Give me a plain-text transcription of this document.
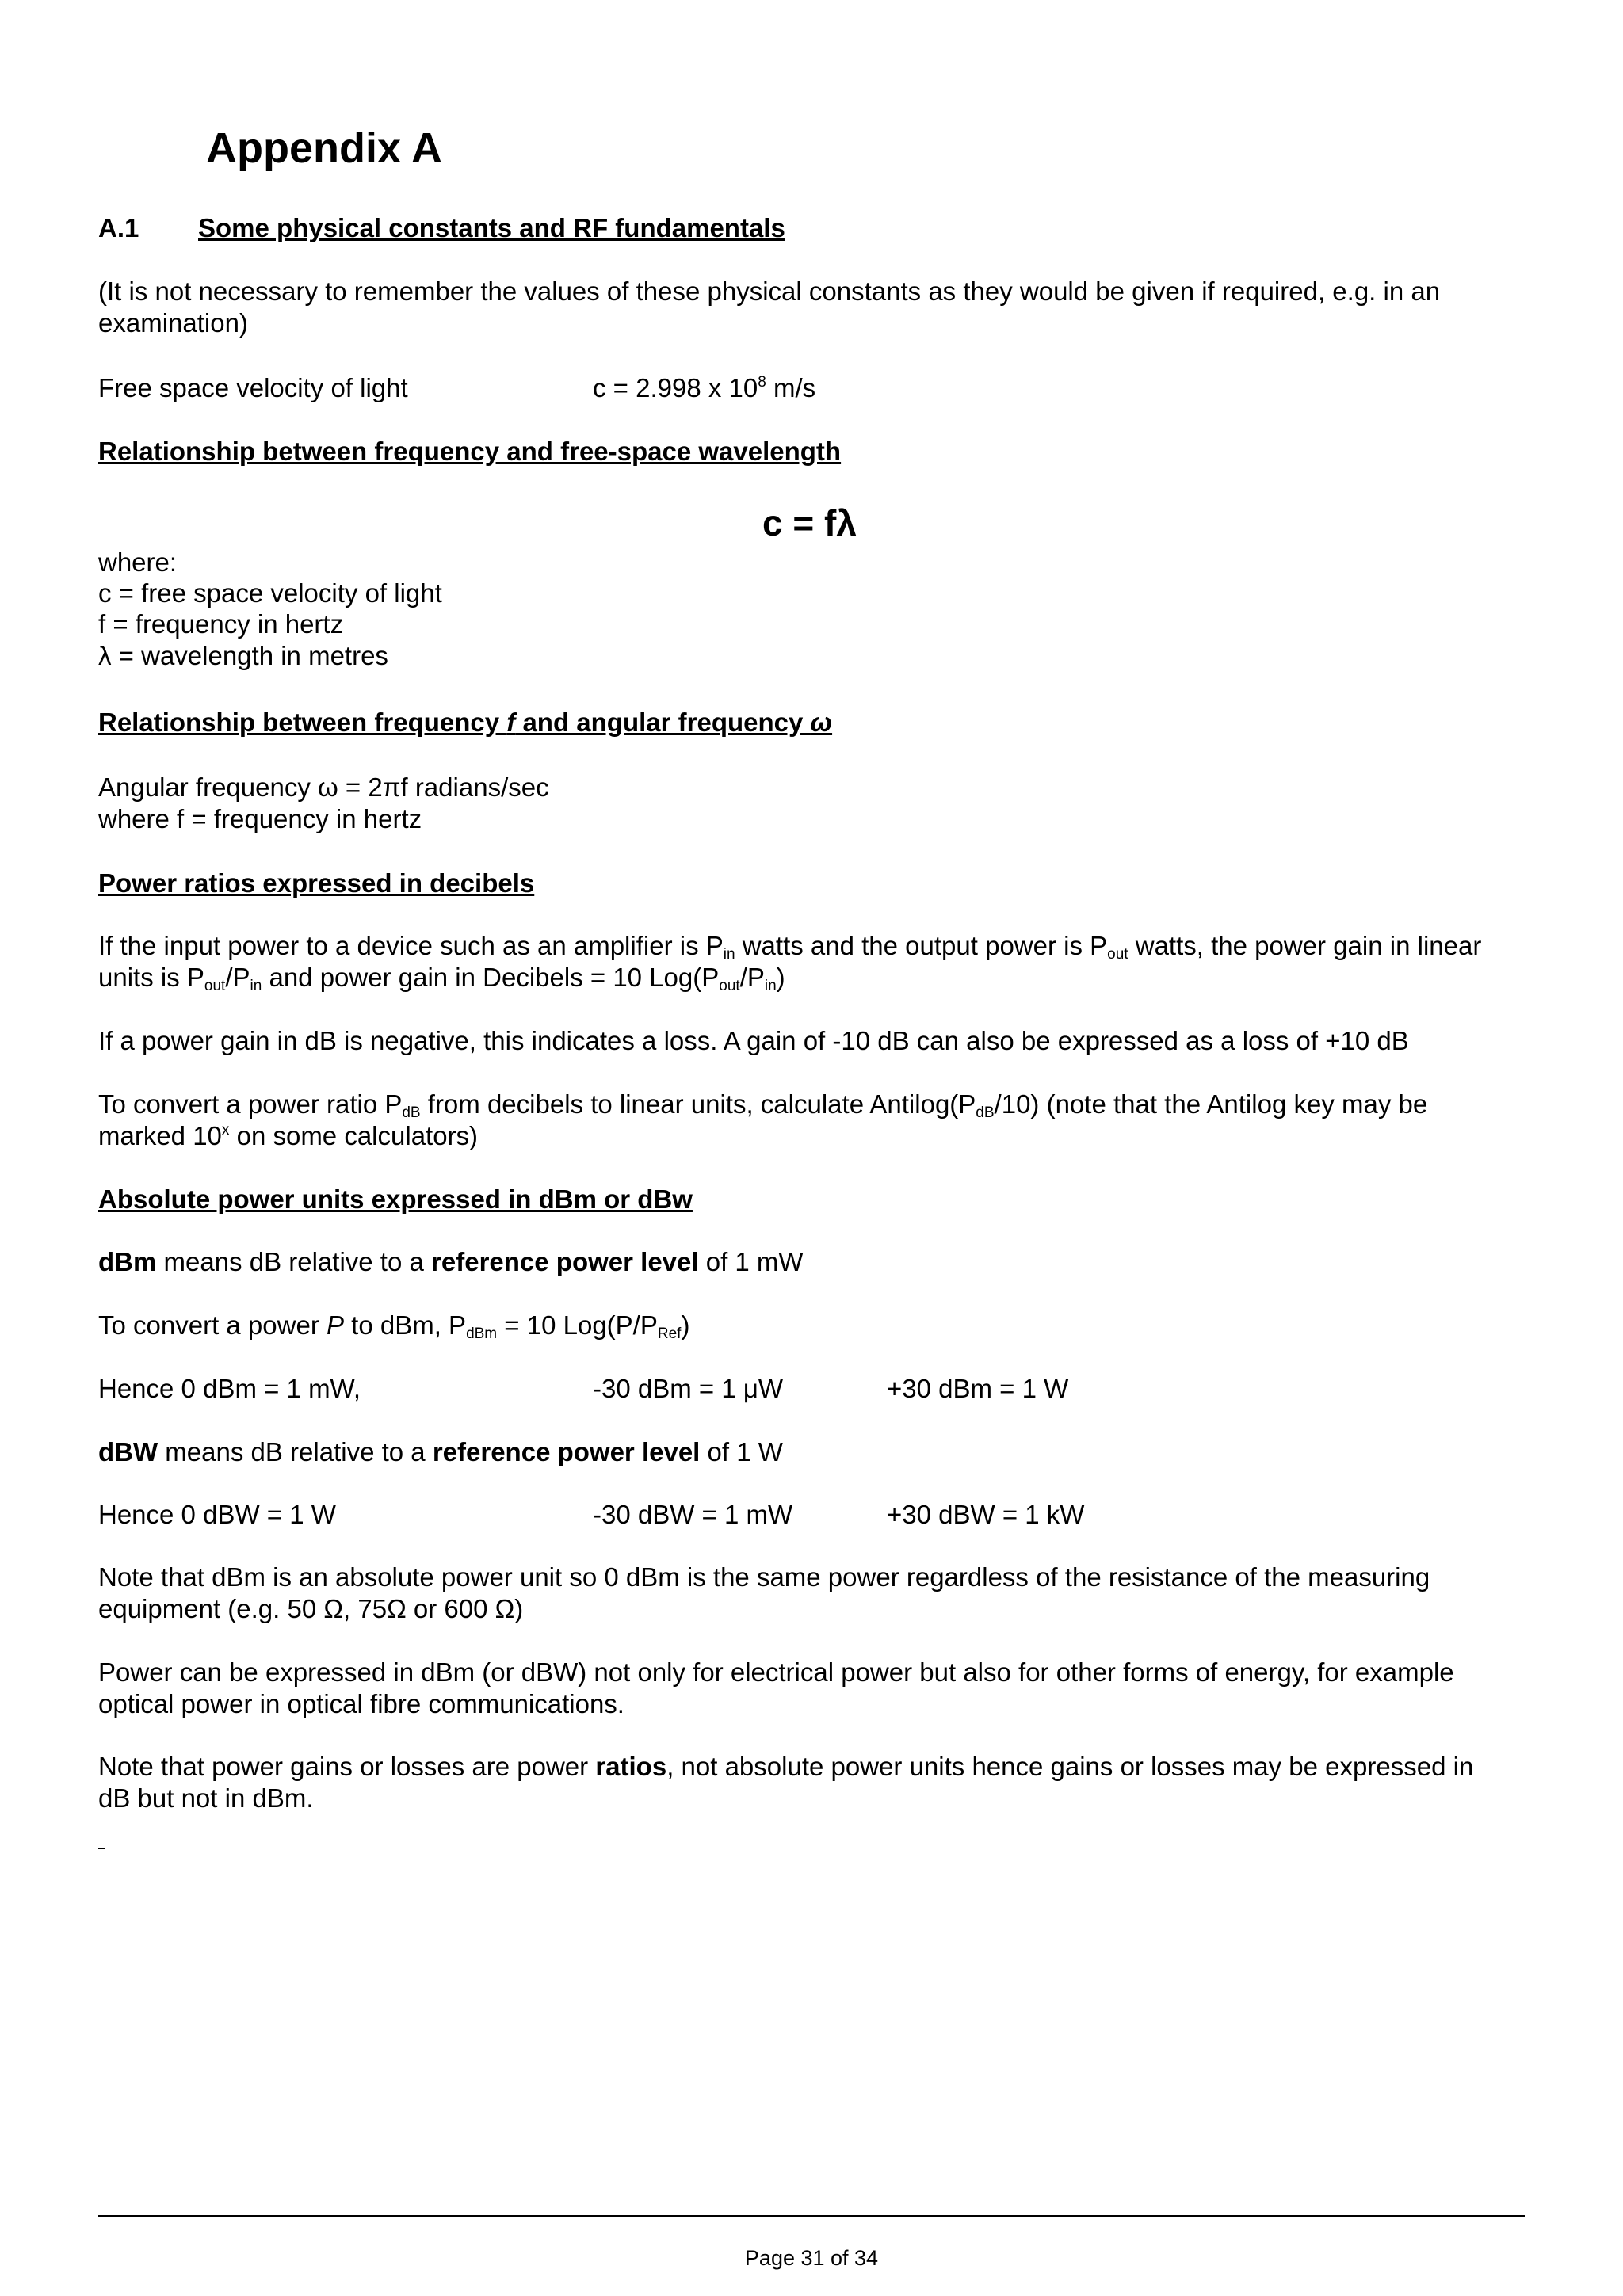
Appendix A
A.1 Some physical constants and RF fundamentals
(It is not necessary to remember the values of these physical constants as they would be given if required, e.g. in an examination)
Free space velocity of light	c = 2.998 x $10^8$ m/s
Relationship between frequency and free-space wavelength
c = fλ
where:
c = free space velocity of light
f = frequency in hertz
λ = wavelength in metres
Relationship between frequency f and angular frequency ω
Angular frequency ω = 2πf radians/sec
where f = frequency in hertz
Power ratios expressed in decibels
If the input power to a device such as an amplifier is $P_{in}$ watts and the output power is $P_{out}$ watts, the power gain in linear units is $P_{out}/P_{in}$ and power gain in Decibels = 10 $Log(P_{out}/P_{in})$
If a power gain in dB is negative, this indicates a loss. A gain of -10 dB can also be expressed as a loss of +10 dB
To convert a power ratio $P_{dB}$ from decibels to linear units, calculate $Antilog(P_{dB}/10)$ (note that the Antilog key may be marked 10$^x$ on some calculators)
Absolute power units expressed in dBm or dBw
dBm means dB relative to a reference power level of 1 mW
To convert a power P to dBm, $P_{dBm} = 10$ $Log(P/P_{Ref})$
Hence 0 dBm = 1 mW,	-30 dBm = 1 μW	+30 dBm = 1 W
dBW means dB relative to a reference power level of 1 W
Hence 0 dBW = 1 W	-30 dBW = 1 mW	+30 dBW = 1 kW
Note that dBm is an absolute power unit so 0 dBm is the same power regardless of the resistance of the measuring equipment (e.g. 50 Ω, 75Ω or 600 Ω)
Power can be expressed in dBm (or dBW) not only for electrical power but also for other forms of energy, for example optical power in optical fibre communications.
Note that power gains or losses are power ratios, not absolute power units hence gains or losses may be expressed in dB but not in dBm.
Page 31 of 34
